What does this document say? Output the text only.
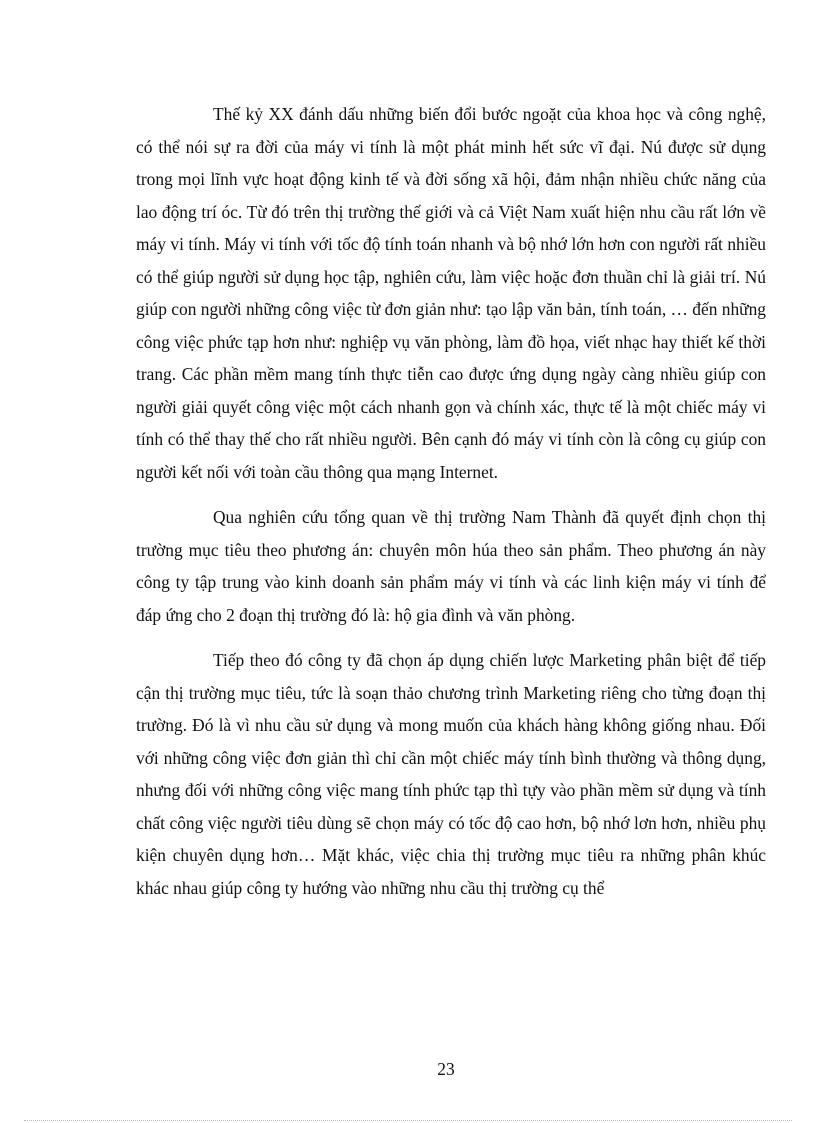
Thế kỷ XX đánh dấu những biến đổi bước ngoặt của khoa học và công nghệ, có thể nói sự ra đời của máy vi tính là một phát minh hết sức vĩ đại. Nú được sử dụng trong mọi lĩnh vực hoạt động kinh tế và đời sống xã hội, đảm nhận nhiều chức năng của lao động trí óc. Từ đó trên thị trường thế giới và cả Việt Nam xuất hiện nhu cầu rất lớn về máy vi tính. Máy vi tính với tốc độ tính toán nhanh và bộ nhớ lớn hơn con người rất nhiều có thể giúp người sử dụng học tập, nghiên cứu, làm việc hoặc đơn thuần chỉ là giải trí. Nú giúp con người những công việc từ đơn giản như: tạo lập văn bản, tính toán, … đến những công việc phức tạp hơn như: nghiệp vụ văn phòng, làm đồ họa, viết nhạc hay thiết kế thời trang. Các phần mềm mang tính thực tiễn cao được ứng dụng ngày càng nhiều giúp con người giải quyết công việc một cách nhanh gọn và chính xác, thực tế là một chiếc máy vi tính có thể thay thế cho rất nhiều người. Bên cạnh đó máy vi tính còn là công cụ giúp con người kết nối với toàn cầu thông qua mạng Internet.

Qua nghiên cứu tổng quan về thị trường Nam Thành đã quyết định chọn thị trường mục tiêu theo phương án: chuyên môn húa theo sản phẩm. Theo phương án này công ty tập trung vào kinh doanh sản phẩm máy vi tính và các linh kiện máy vi tính để đáp ứng cho 2 đoạn thị trường đó là: hộ gia đình và văn phòng.

Tiếp theo đó công ty đã chọn áp dụng chiến lược Marketing phân biệt để tiếp cận thị trường mục tiêu, tức là soạn thảo chương trình Marketing riêng cho từng đoạn thị trường. Đó là vì nhu cầu sử dụng và mong muốn của khách hàng không giống nhau. Đối với những công việc đơn giản thì chỉ cần một chiếc máy tính bình thường và thông dụng, nhưng đối với những công việc mang tính phức tạp thì tựy vào phần mềm sử dụng và tính chất công việc người tiêu dùng sẽ chọn máy có tốc độ cao hơn, bộ nhớ lơn hơn, nhiều phụ kiện chuyên dụng hơn… Mặt khác, việc chia thị trường mục tiêu ra những phân khúc khác nhau giúp công ty hướng vào những nhu cầu thị trường cụ thể

23
